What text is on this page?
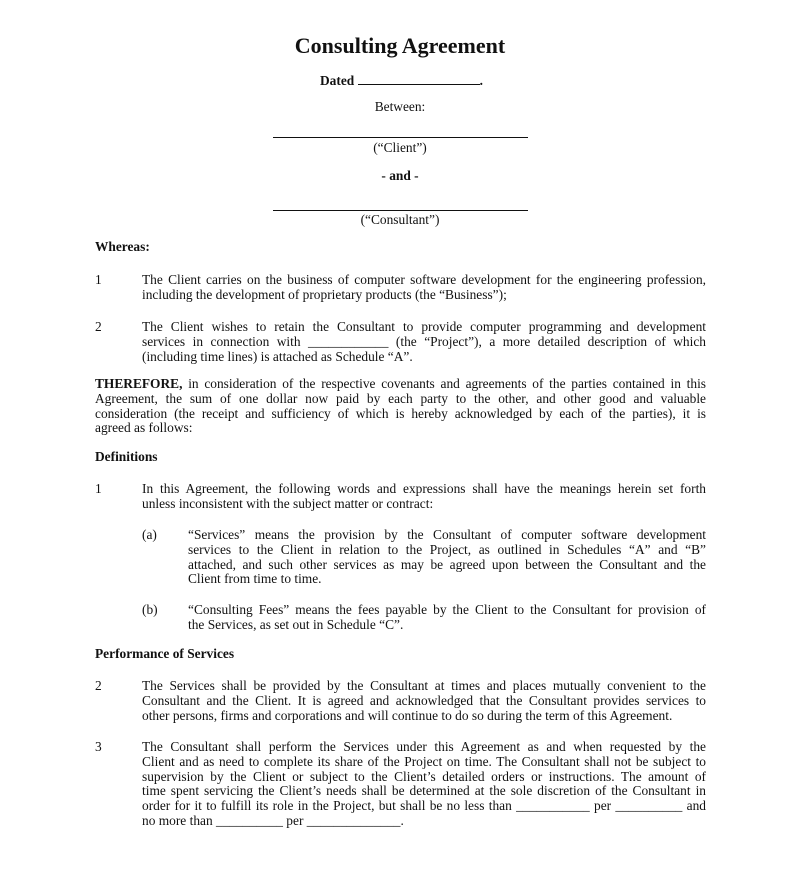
Consulting Agreement
Dated	.
Between:
(“Client”)
- and -
(“Consultant”)
Whereas:
1	The Client carries on the business of computer software development for the engineering profession,
including the development of proprietary products (the “Business”);
2	The Client wishes to retain the Consultant to provide computer programming and development
services in connection with ____________ (the “Project”), a more detailed description of which
(including time lines) is attached as Schedule “A”.
THEREFORE, in consideration of the respective covenants and agreements of the parties contained in this
Agreement, the sum of one dollar now paid by each party to the other, and other good and valuable
consideration (the receipt and sufficiency of which is hereby acknowledged by each of the parties), it is
agreed as follows:
Definitions
1	In this Agreement, the following words and expressions shall have the meanings herein set forth
unless inconsistent with the subject matter or contract:
(a) “Services” means the provision by the Consultant of computer software development
services to the Client in relation to the Project, as outlined in Schedules “A” and “B”
attached, and such other services as may be agreed upon between the Consultant and the
Client from time to time.
(b) “Consulting Fees” means the fees payable by the Client to the Consultant for provision of
the Services, as set out in Schedule “C”.
Performance of Services
2	The Services shall be provided by the Consultant at times and places mutually convenient to the
Consultant and the Client. It is agreed and acknowledged that the Consultant provides services to
other persons, firms and corporations and will continue to do so during the term of this Agreement.
3	The Consultant shall perform the Services under this Agreement as and when requested by the
Client and as need to complete its share of the Project on time. The Consultant shall not be subject to
supervision by the Client or subject to the Client’s detailed orders or instructions. The amount of
time spent servicing the Client’s needs shall be determined at the sole discretion of the Consultant in
order for it to fulfill its role in the Project, but shall be no less than ___________ per __________ and
no more than __________ per ______________.
